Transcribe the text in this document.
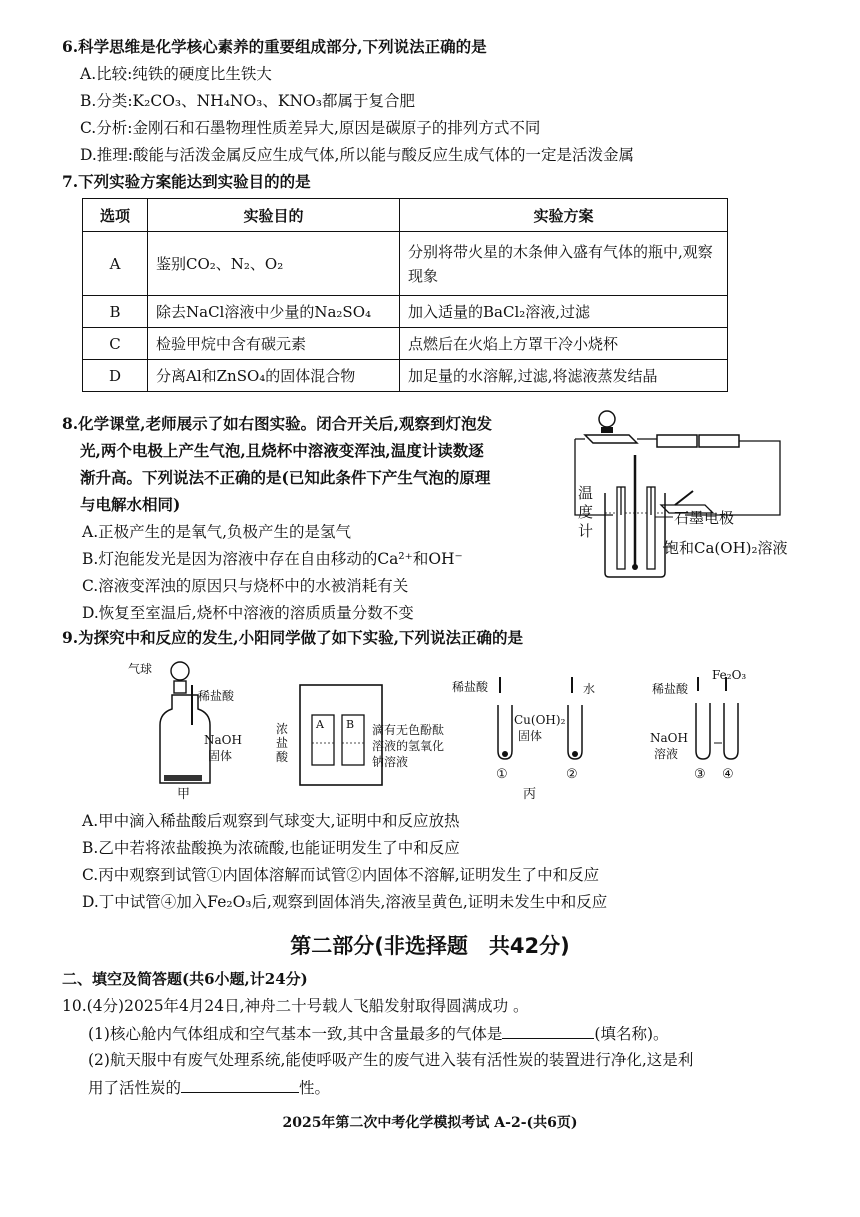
6.科学思维是化学核心素养的重要组成部分,下列说法正确的是
A.比较:纯铁的硬度比生铁大
B.分类:K₂CO₃、NH₄NO₃、KNO₃都属于复合肥
C.分析:金刚石和石墨物理性质差异大,原因是碳原子的排列方式不同
D.推理:酸能与活泼金属反应生成气体,所以能与酸反应生成气体的一定是活泼金属
7.下列实验方案能达到实验目的的是
选项	实验目的	实验方案
A	鉴别CO₂、N₂、O₂	分别将带火星的木条伸入盛有气体的瓶中,观察现象
B	除去NaCl溶液中少量的Na₂SO₄	加入适量的BaCl₂溶液,过滤
C	检验甲烷中含有碳元素	点燃后在火焰上方罩干冷小烧杯
D	分离Al和ZnSO₄的固体混合物	加足量的水溶解,过滤,将滤液蒸发结晶
8.化学课堂,老师展示了如右图实验。闭合开关后,观察到灯泡发
光,两个电极上产生气泡,且烧杯中溶液变浑浊,温度计读数逐
渐升高。下列说法不正确的是(已知此条件下产生气泡的原理
与电解水相同)
A.正极产生的是氧气,负极产生的是氢气
B.灯泡能发光是因为溶液中存在自由移动的Ca²⁺和OH⁻
C.溶液变浑浊的原因只与烧杯中的水被消耗有关
D.恢复至室温后,烧杯中溶液的溶质质量分数不变
温度计
石墨电极
饱和Ca(OH)₂溶液
9.为探究中和反应的发生,小阳同学做了如下实验,下列说法正确的是
气球
稀盐酸
NaOH
固体
浓盐酸
A B 滴有无色酚酞
溶液的氢氧化
钠溶液
稀盐酸
Cu(OH)₂
固体
水	稀盐酸
Fe₂O₃
NaOH
溶液
甲	丙
①	②	③ ④
A.甲中滴入稀盐酸后观察到气球变大,证明中和反应放热
B.乙中若将浓盐酸换为浓硫酸,也能证明发生了中和反应
C.丙中观察到试管①内固体溶解而试管②内固体不溶解,证明发生了中和反应
D.丁中试管④加入Fe₂O₃后,观察到固体消失,溶液呈黄色,证明未发生中和反应
第二部分(非选择题　共42分)
二、填空及简答题(共6小题,计24分)
10.(4分)2025年4月24日,神舟二十号载人飞船发射取得圆满成功 。
(1)核心舱内气体组成和空气基本一致,其中含量最多的气体是	(填名称)。
(2)航天服中有废气处理系统,能使呼吸产生的废气进入装有活性炭的装置进行净化,这是利
用了活性炭的	性。
2025年第二次中考化学模拟考试 A-2-(共6页)
